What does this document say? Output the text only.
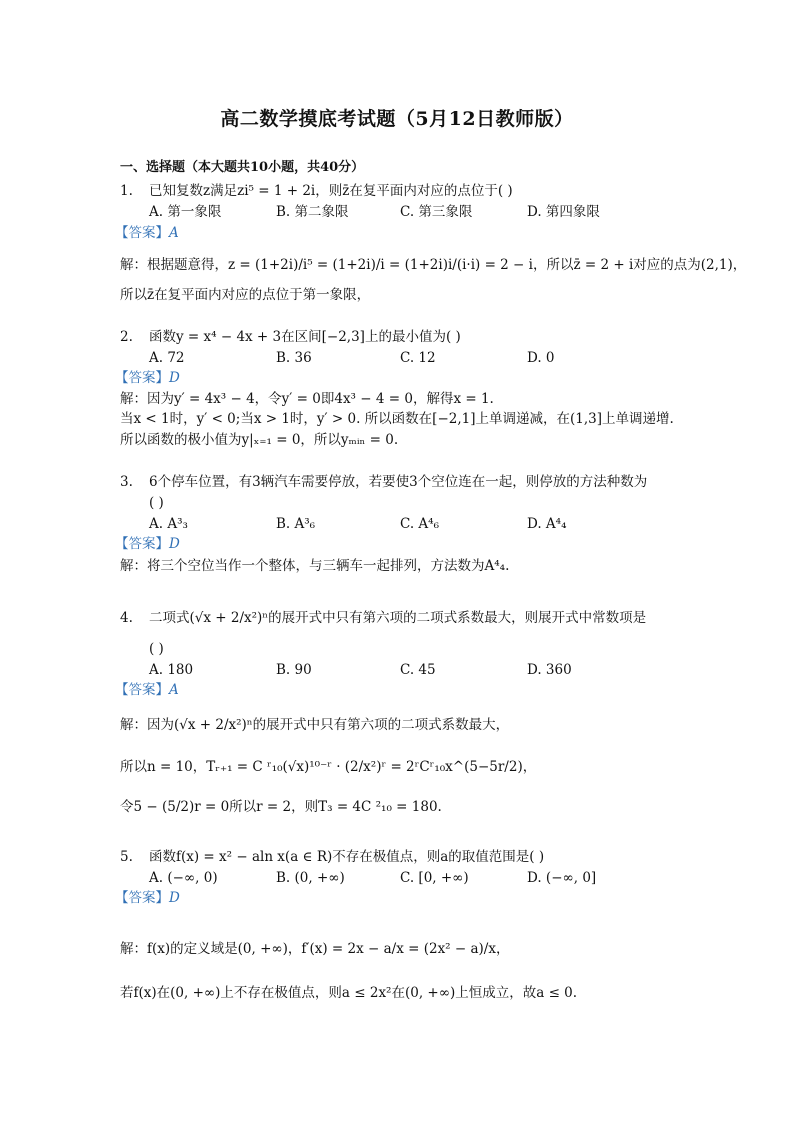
高二数学摸底考试题（5月12日教师版）
一、选择题（本大题共10小题，共40分）
1. 已知复数z满足zi⁵ = 1 + 2i，则z̄在复平面内对应的点位于( )
A. 第一象限	B. 第二象限	C. 第三象限	D. 第四象限
【答案】A
解：根据题意得，z = (1+2i)/i⁵ = (1+2i)/i = (1+2i)i/(i·i) = 2 − i，所以z̄ = 2 + i对应的点为(2,1)，
所以z̄在复平面内对应的点位于第一象限，
2. 函数y = x⁴ − 4x + 3在区间[−2,3]上的最小值为( )
A. 72	B. 36	C. 12	D. 0
【答案】D
解：因为y′ = 4x³ − 4，令y′ = 0即4x³ − 4 = 0，解得x = 1.
当x < 1时，y′ < 0;当x > 1时，y′ > 0. 所以函数在[−2,1]上单调递减，在(1,3]上单调递增.
所以函数的极小值为y|ₓ₌₁ = 0，所以yₘᵢₙ = 0.
3. 6个停车位置，有3辆汽车需要停放，若要使3个空位连在一起，则停放的方法种数为
( )
A. A³₃	B. A³₆	C. A⁴₆	D. A⁴₄
【答案】D
解：将三个空位当作一个整体，与三辆车一起排列，方法数为A⁴₄.
4. 二项式(√x + 2/x²)ⁿ的展开式中只有第六项的二项式系数最大，则展开式中常数项是
( )
A. 180	B. 90	C. 45	D. 360
【答案】A
解：因为(√x + 2/x²)ⁿ的展开式中只有第六项的二项式系数最大，
所以n = 10，Tᵣ₊₁ = C ʳ₁₀(√x)¹⁰⁻ʳ · (2/x²)ʳ = 2ʳCʳ₁₀x^(5−5r/2)，
令5 − (5/2)r = 0所以r = 2，则T₃ = 4C ²₁₀ = 180.
5. 函数f(x) = x² − aln x(a ∈ R)不存在极值点，则a的取值范围是( )
A. (−∞, 0)	B. (0, +∞)	C. [0, +∞)	D. (−∞, 0]
【答案】D
解：f(x)的定义域是(0, +∞)，f′(x) = 2x − a/x = (2x² − a)/x，
若f(x)在(0, +∞)上不存在极值点，则a ≤ 2x²在(0, +∞)上恒成立，故a ≤ 0.
